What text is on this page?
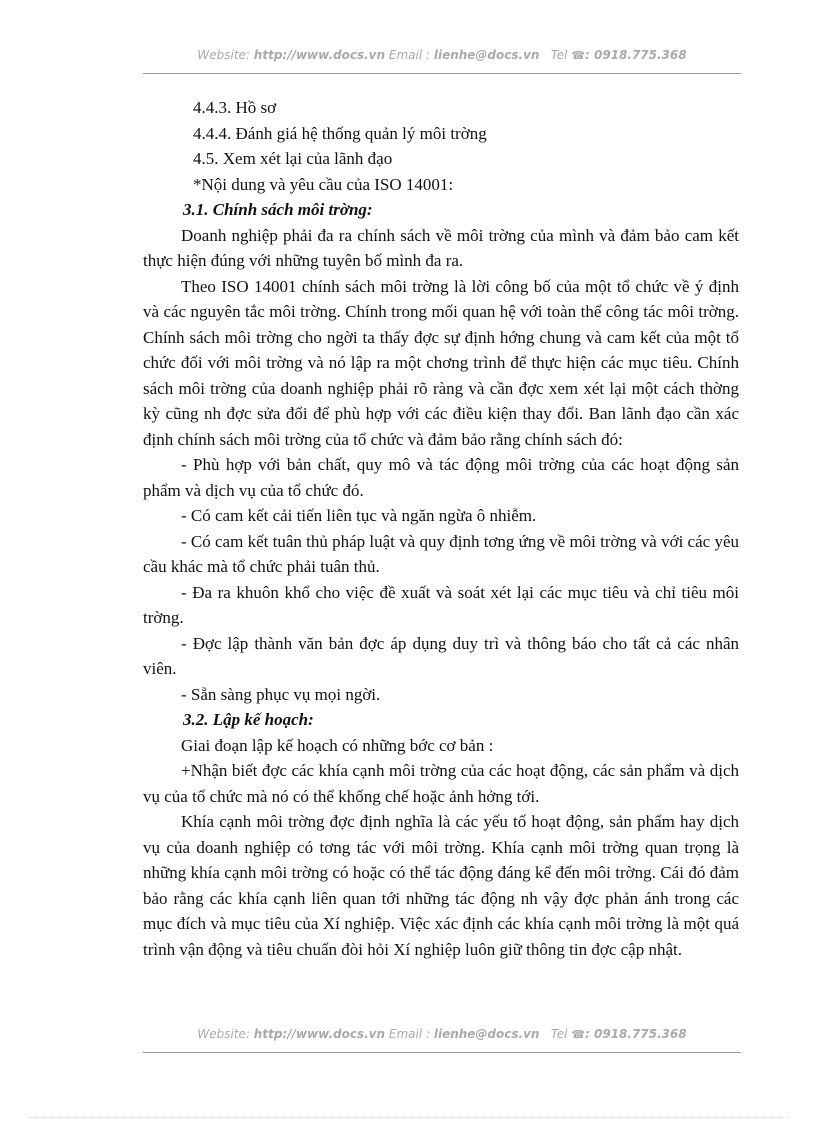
Website: http://www.docs.vn Email : lienhe@docs.vn Tel ☎: 0918.775.368

4.4.3. Hồ sơ

4.4.4. Đánh giá hệ thống quản lý môi trờng

4.5. Xem xét lại của lãnh đạo

*Nội dung và yêu cầu của ISO 14001:

3.1. Chính sách môi trờng:

Doanh nghiệp phải đa ra chính sách về môi trờng của mình và đảm bảo cam kết thực hiện đúng với những tuyên bố mình đa ra.

Theo ISO 14001 chính sách môi trờng là lời công bố của một tổ chức về ý định và các nguyên tắc môi trờng. Chính trong mối quan hệ với toàn thể công tác môi trờng. Chính sách môi trờng cho ngời ta thấy đợc sự định hớng chung và cam kết của một tổ chức đối với môi trờng và nó lập ra một chơng trình để thực hiện các mục tiêu. Chính sách môi trờng của doanh nghiệp phải rõ ràng và cần đợc xem xét lại một cách thờng kỳ cũng nh đợc sửa đổi để phù hợp với các điều kiện thay đổi. Ban lãnh đạo cần xác định chính sách môi trờng của tổ chức và đảm bảo rằng chính sách đó:

- Phù hợp với bản chất, quy mô và tác động môi trờng của các hoạt động sản phẩm và dịch vụ của tổ chức đó.

- Có cam kết cải tiến liên tục và ngăn ngừa ô nhiễm.

- Có cam kết tuân thủ pháp luật và quy định tơng ứng về môi trờng và với các yêu cầu khác mà tổ chức phải tuân thủ.

- Đa ra khuôn khổ cho việc đề xuất và soát xét lại các mục tiêu và chỉ tiêu môi trờng.

- Đợc lập thành văn bản đợc áp dụng duy trì và thông báo cho tất cả các nhân viên.

- Sẵn sàng phục vụ mọi ngời.

3.2. Lập kế hoạch:

Giai đoạn lập kế hoạch có những bớc cơ bản :

+Nhận biết đợc các khía cạnh môi trờng của các hoạt động, các sản phẩm và dịch vụ của tổ chức mà nó có thể khống chế hoặc ảnh hởng tới.

Khía cạnh môi trờng đợc định nghĩa là các yếu tố hoạt động, sản phẩm hay dịch vụ của doanh nghiệp có tơng tác với môi trờng. Khía cạnh môi trờng quan trọng là những khía cạnh môi trờng có hoặc có thể tác động đáng kể đến môi trờng. Cái đó đảm bảo rằng các khía cạnh liên quan tới những tác động nh vậy đợc phản ánh trong các mục đích và mục tiêu của Xí nghiệp. Việc xác định các khía cạnh môi trờng là một quá trình vận động và tiêu chuẩn đòi hỏi Xí nghiệp luôn giữ thông tin đợc cập nhật.

Website: http://www.docs.vn Email : lienhe@docs.vn Tel ☎: 0918.775.368
